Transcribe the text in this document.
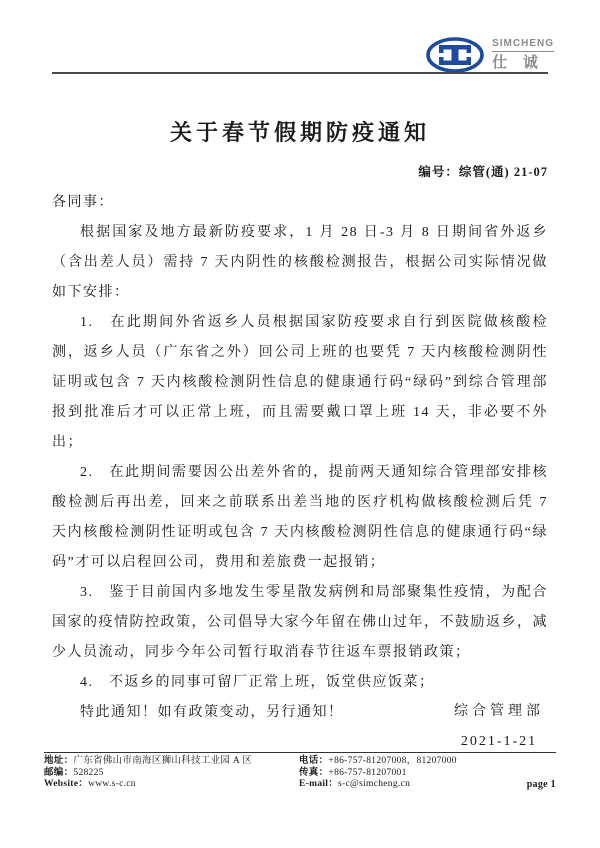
SIMCHENG
仕 诚
关于春节假期防疫通知
编号：综管(通) 21-07

各同事：

根据国家及地方最新防疫要求，1 月 28 日-3 月 8 日期间省外返乡（含出差人员）需持 7 天内阴性的核酸检测报告，根据公司实际情况做如下安排：

1.　在此期间外省返乡人员根据国家防疫要求自行到医院做核酸检测，返乡人员（广东省之外）回公司上班的也要凭 7 天内核酸检测阴性证明或包含 7 天内核酸检测阴性信息的健康通行码“绿码”到综合管理部报到批准后才可以正常上班，而且需要戴口罩上班 14 天，非必要不外出；

2.　在此期间需要因公出差外省的，提前两天通知综合管理部安排核酸检测后再出差，回来之前联系出差当地的医疗机构做核酸检测后凭 7 天内核酸检测阴性证明或包含 7 天内核酸检测阴性信息的健康通行码“绿码”才可以启程回公司，费用和差旅费一起报销；

3.　鉴于目前国内多地发生零星散发病例和局部聚集性疫情，为配合国家的疫情防控政策，公司倡导大家今年留在佛山过年，不鼓励返乡，减少人员流动，同步今年公司暂行取消春节往返车票报销政策；

4.　不返乡的同事可留厂正常上班，饭堂供应饭菜；

特此通知！如有政策变动，另行通知！	综合管理部
2021-1-21
地址：广东省佛山市南海区狮山科技工业园 A 区
邮编：528225
Website：www.s-c.cn
电话：+86-757-81207008，81207000
传真：+86-757-81207001
E-mail：s-c@simcheng.cn	page 1
